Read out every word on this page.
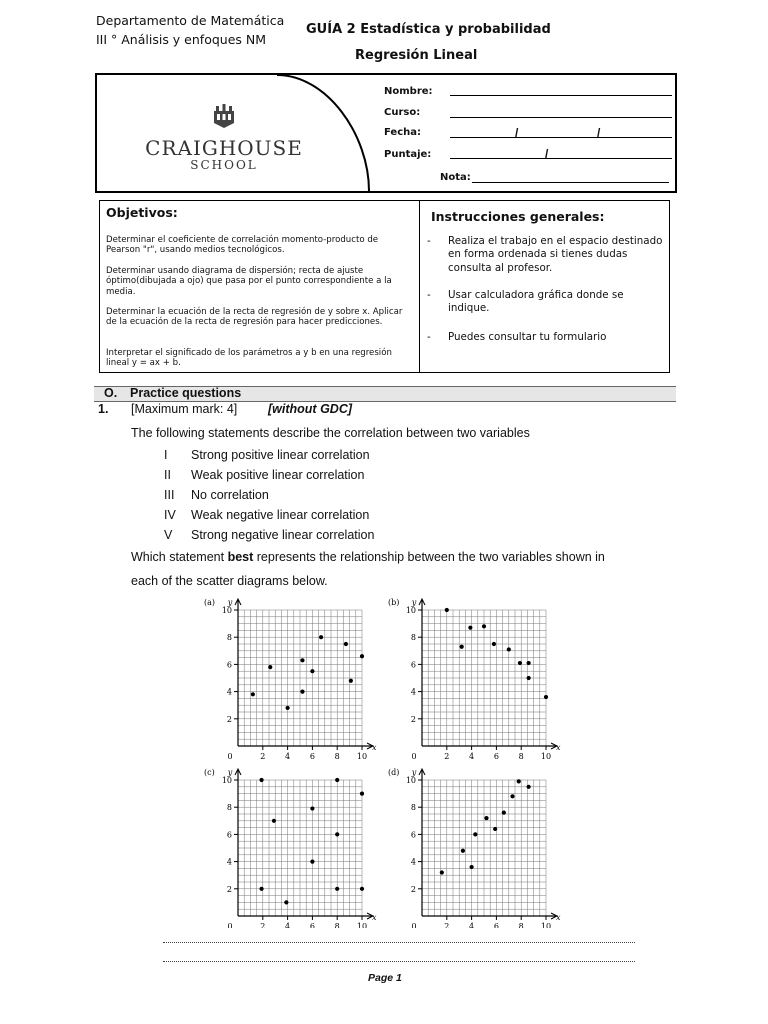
Departamento de Matemática
III ° Análisis y enfoques NM
GUÍA 2 Estadística y probabilidad
Regresión Lineal
CRAIGHOUSE
SCHOOL
Nombre:
Curso:
Fecha:	/	/
Puntaje:	/
Nota:
Objetivos:
Determinar el coeficiente de correlación momento-producto de Pearson "r", usando medios tecnológicos.
Determinar usando diagrama de dispersión; recta de ajuste óptimo(dibujada a ojo) que pasa por el punto correspondiente a la media.
Determinar la ecuación de la recta de regresión de y sobre x. Aplicar de la ecuación de la recta de regresión para hacer predicciones.
Interpretar el significado de los parámetros a y b en una regresión lineal y = ax + b.
Instrucciones generales:
- Realiza el trabajo en el espacio destinado en forma ordenada si tienes dudas consulta al profesor.
- Usar calculadora gráfica donde se indique.
- Puedes consultar tu formulario
O. Practice questions
1. [Maximum mark: 4] [without GDC]
The following statements describe the correlation between two variables
I Strong positive linear correlation
II Weak positive linear correlation
III No correlation
IV Weak negative linear correlation
V Strong negative linear correlation
Which statement best represents the relationship between the two variables shown in
each of the scatter diagrams below.
2
4
6
8
10
2 4 6 8 10
0
y
x
(a)
2
4
6
8
10
2 4 6 8 10
0
y
x
(b)
2
4
6
8
10
2 4 6 8 10
0
y
x
(c)
2
4
6
8
10
2 4 6 8 10
0
y
x
(d)
Page 1
